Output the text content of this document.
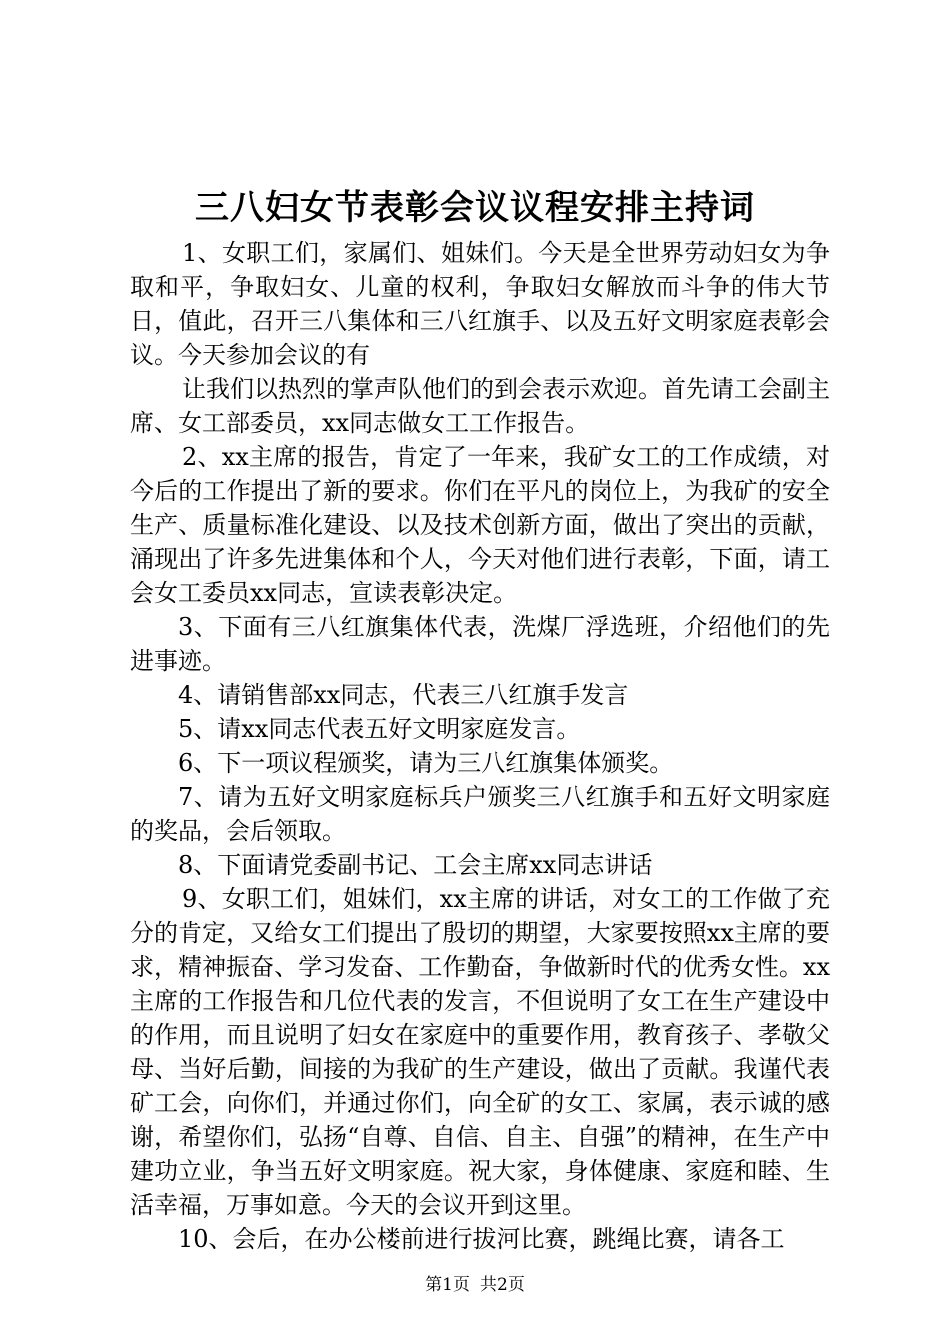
三八妇女节表彰会议议程安排主持词

1、女职工们，家属们、姐妹们。今天是全世界劳动妇女为争取和平，争取妇女、儿童的权利，争取妇女解放而斗争的伟大节日，值此，召开三八集体和三八红旗手、以及五好文明家庭表彰会议。今天参加会议的有

让我们以热烈的掌声队他们的到会表示欢迎。首先请工会副主席、女工部委员，xx同志做女工工作报告。

2、xx主席的报告，肯定了一年来，我矿女工的工作成绩，对今后的工作提出了新的要求。你们在平凡的岗位上，为我矿的安全生产、质量标准化建设、以及技术创新方面，做出了突出的贡献，涌现出了许多先进集体和个人，今天对他们进行表彰，下面，请工会女工委员xx同志，宣读表彰决定。

3、下面有三八红旗集体代表，洗煤厂浮选班，介绍他们的先进事迹。

4、请销售部xx同志，代表三八红旗手发言

5、请xx同志代表五好文明家庭发言。

6、下一项议程颁奖，请为三八红旗集体颁奖。

7、请为五好文明家庭标兵户颁奖三八红旗手和五好文明家庭的奖品，会后领取。

8、下面请党委副书记、工会主席xx同志讲话

9、女职工们，姐妹们，xx主席的讲话，对女工的工作做了充分的肯定，又给女工们提出了殷切的期望，大家要按照xx主席的要求，精神振奋、学习发奋、工作勤奋，争做新时代的优秀女性。xx主席的工作报告和几位代表的发言，不但说明了女工在生产建设中的作用，而且说明了妇女在家庭中的重要作用，教育孩子、孝敬父母、当好后勤，间接的为我矿的生产建设，做出了贡献。我谨代表矿工会，向你们，并通过你们，向全矿的女工、家属，表示诚的感谢，希望你们，弘扬“自尊、自信、自主、自强”的精神，在生产中建功立业，争当五好文明家庭。祝大家，身体健康、家庭和睦、生活幸福，万事如意。今天的会议开到这里。

10、会后，在办公楼前进行拔河比赛，跳绳比赛，请各工

第1页 共2页
